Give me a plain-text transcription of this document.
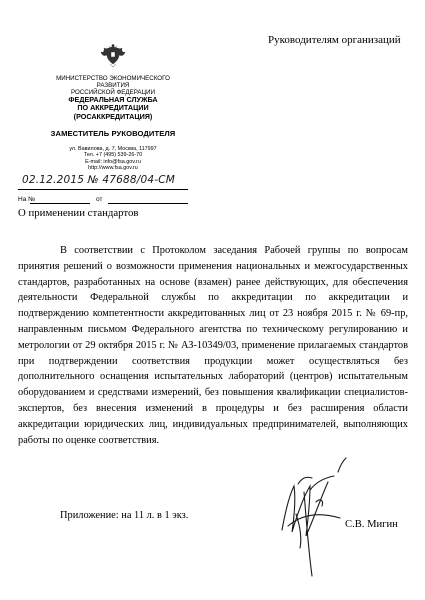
МИНИСТЕРСТВО ЭКОНОМИЧЕСКОГО РАЗВИТИЯ
РОССИЙСКОЙ ФЕДЕРАЦИИ
ФЕДЕРАЛЬНАЯ СЛУЖБА
ПО АККРЕДИТАЦИИ
(РОСАККРЕДИТАЦИЯ)
ЗАМЕСТИТЕЛЬ РУКОВОДИТЕЛЯ
ул. Вавилова, д. 7, Москва, 117997
Тел. +7 (495) 539-26-70
E-mail: info@fsa.gov.ru
http://www.fsa.gov.ru
02.12.2015 № 47688/04-СМ
На №	от
Руководителям организаций
О применении стандартов

В соответствии с Протоколом заседания Рабочей группы по вопросам принятия решений о возможности применения национальных и межгосударственных стандартов, разработанных на основе (взамен) ранее действующих, для обеспечения деятельности Федеральной службы по аккредитации по аккредитации и подтверждению компетентности аккредитованных лиц от 23 ноября 2015 г. № 69-пр, направленным письмом Федерального агентства по техническому регулированию и метрологии от 29 октября 2015 г. № АЗ-10349/03, применение прилагаемых стандартов при подтверждении соответствия продукции может осуществляться без дополнительного оснащения испытательных лабораторий (центров) испытательным оборудованием и средствами измерений, без повышения квалификации специалистов-экспертов, без внесения изменений в процедуры и без расширения области аккредитации юридических лиц, индивидуальных предпринимателей, выполняющих работы по оценке соответствия.

Приложение: на 11 л. в 1 экз.
С.В. Мигин
